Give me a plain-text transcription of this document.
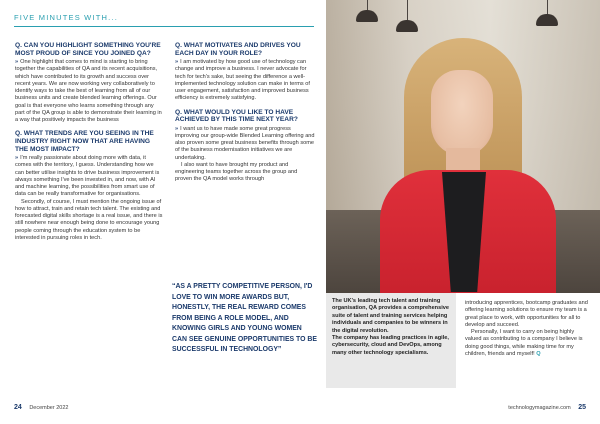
FIVE MINUTES WITH...
Q. CAN YOU HIGHLIGHT SOMETHING YOU'RE MOST PROUD OF SINCE YOU JOINED QA?

» One highlight that comes to mind is starting to bring together the capabilities of QA and its recent acquisitions, which have contributed to its growth and success over recent years. We are now working very collaboratively to identify ways to take the best of learning from all of our business units and create blended learning offerings. Our goal is that everyone who learns something through any part of the QA group is able to demonstrate their learning in a way that positively impacts the business

Q. WHAT TRENDS ARE YOU SEEING IN THE INDUSTRY RIGHT NOW THAT ARE HAVING THE MOST IMPACT?

» I'm really passionate about doing more with data, it comes with the territory, I guess. Understanding how we can better utilise insights to drive business improvement is always something I've been invested in, and now, with AI and machine learning, the possibilities from smart use of data can be really transformative for organisations.

Secondly, of course, I must mention the ongoing issue of how to attract, train and retain tech talent. The existing and forecasted digital skills shortage is a real issue, and there is still nowhere near enough being done to encourage young people coming through the education system to be interested in pursuing roles in tech.

Q. WHAT MOTIVATES AND DRIVES YOU EACH DAY IN YOUR ROLE?

» I am motivated by how good use of technology can change and improve a business. I never advocate for tech for tech's sake, but seeing the difference a well-implemented technology solution can make in terms of user engagement, satisfaction and improved business efficiency is extremely satisfying.

Q. WHAT WOULD YOU LIKE TO HAVE ACHIEVED BY THIS TIME NEXT YEAR?

» I want us to have made some great progress improving our group-wide Blended Learning offering and also proven some great business benefits through some of the business modernisation initiatives we are undertaking.

I also want to have brought my product and engineering teams together across the group and proven the QA model works through

“AS A PRETTY COMPETITIVE PERSON, I'D LOVE TO WIN MORE AWARDS BUT, HONESTLY, THE REAL REWARD COMES FROM BEING A ROLE MODEL, AND KNOWING GIRLS AND YOUNG WOMEN CAN SEE GENUINE OPPORTUNITIES TO BE SUCCESSFUL IN TECHNOLOGY”

The UK's leading tech talent and training organisation, QA provides a comprehensive suite of talent and training services helping individuals and companies to be winners in the digital revolution.

The company has leading practices in agile, cybersecurity, cloud and DevOps, among many other technology specialisms.

introducing apprentices, bootcamp graduates and offering learning solutions to ensure my team is a great place to work, with opportunities for all to develop and succeed.

Personally, I want to carry on being highly valued as contributing to a company I believe is doing good things, while making time for my children, friends and myself! Q

24 December 2022	technologymagazine.com 25
